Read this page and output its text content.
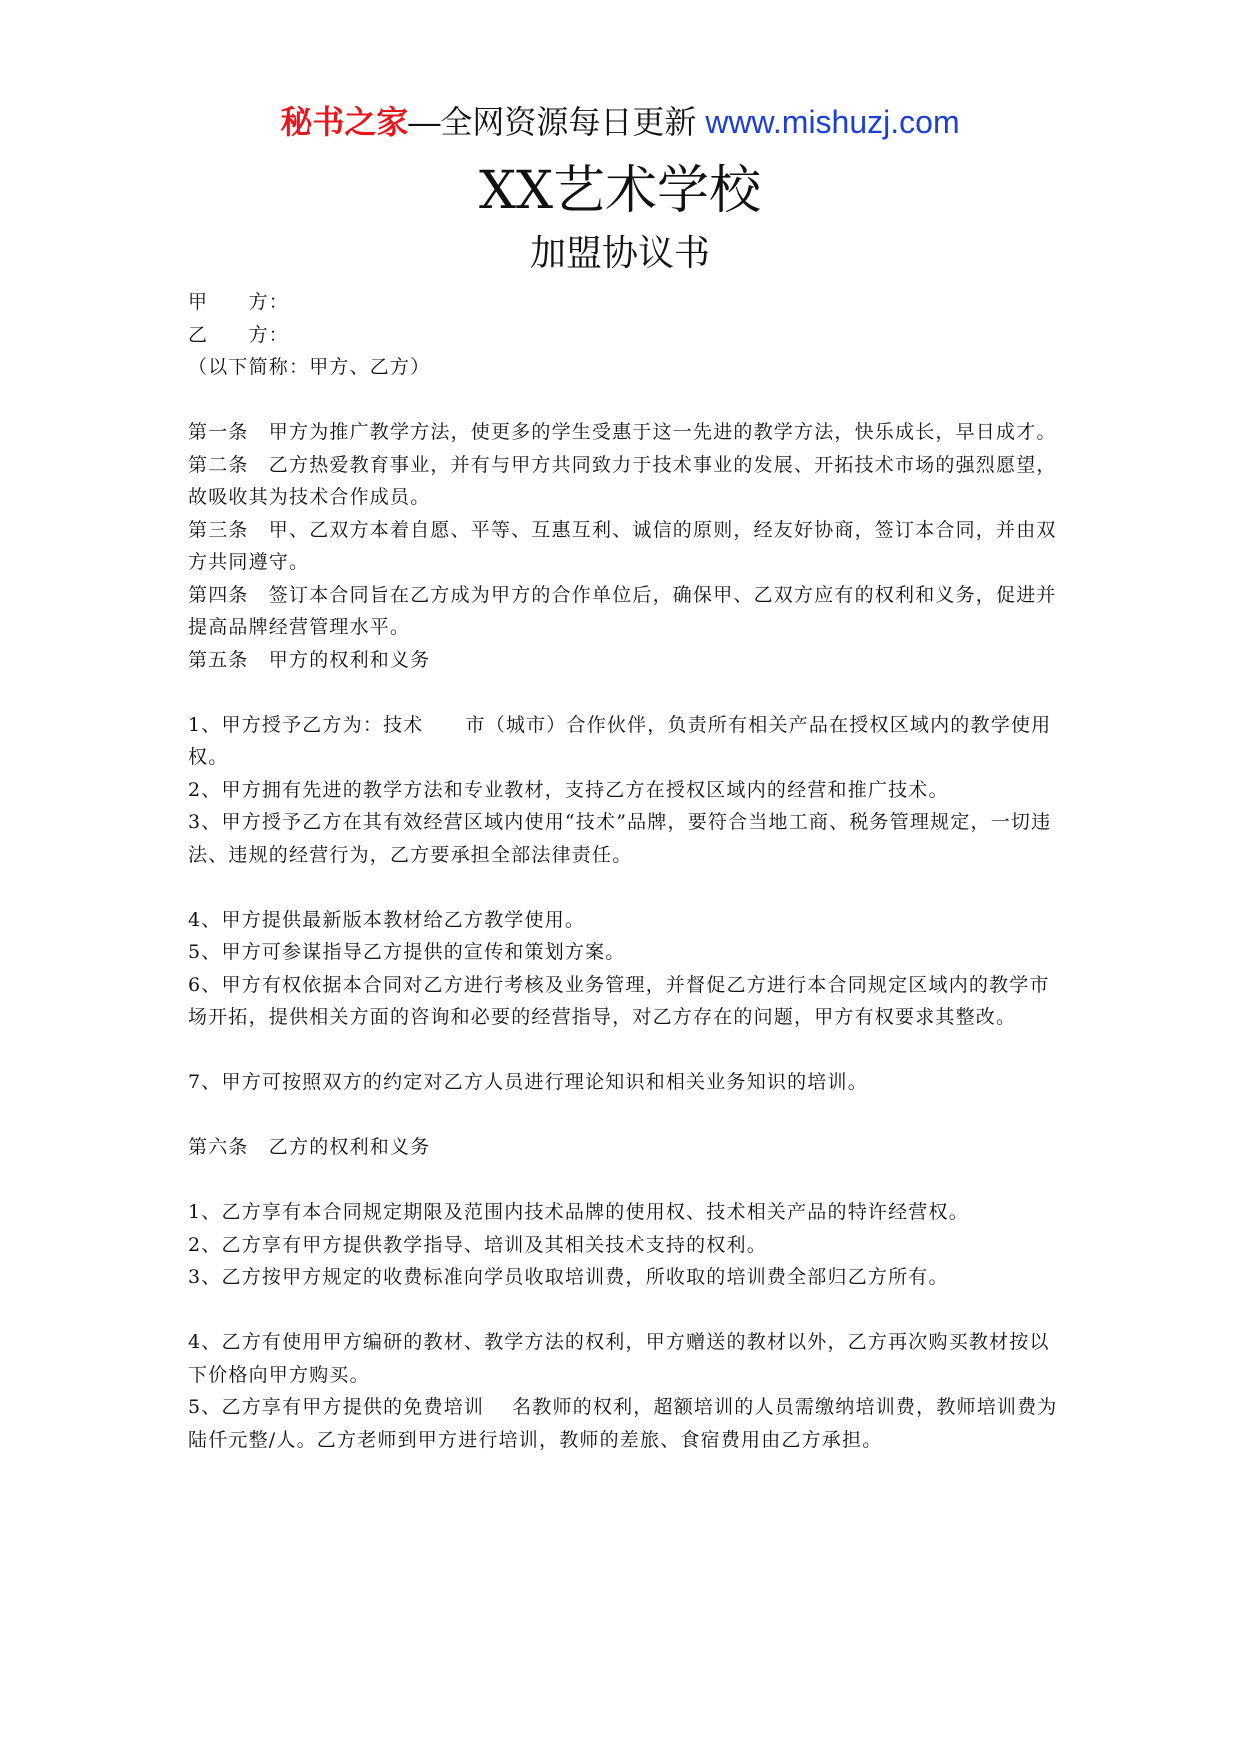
秘书之家—全网资源每日更新 www.mishuzj.com
XX艺术学校
加盟协议书

甲　　方：

乙　　方：

（以下简称：甲方、乙方）

第一条　甲方为推广教学方法，使更多的学生受惠于这一先进的教学方法，快乐成长，早日成才。

第二条　乙方热爱教育事业，并有与甲方共同致力于技术事业的发展、开拓技术市场的强烈愿望，故吸收其为技术合作成员。

第三条　甲、乙双方本着自愿、平等、互惠互利、诚信的原则，经友好协商，签订本合同，并由双方共同遵守。

第四条　签订本合同旨在乙方成为甲方的合作单位后，确保甲、乙双方应有的权利和义务，促进并提高品牌经营管理水平。

第五条　甲方的权利和义务

1、甲方授予乙方为：技术 市（城市）合作伙伴，负责所有相关产品在授权区域内的教学使用权。

2、甲方拥有先进的教学方法和专业教材，支持乙方在授权区域内的经营和推广技术。

3、甲方授予乙方在其有效经营区域内使用“技术”品牌，要符合当地工商、税务管理规定，一切违法、违规的经营行为，乙方要承担全部法律责任。

4、甲方提供最新版本教材给乙方教学使用。

5、甲方可参谋指导乙方提供的宣传和策划方案。

6、甲方有权依据本合同对乙方进行考核及业务管理，并督促乙方进行本合同规定区域内的教学市场开拓，提供相关方面的咨询和必要的经营指导，对乙方存在的问题，甲方有权要求其整改。

7、甲方可按照双方的约定对乙方人员进行理论知识和相关业务知识的培训。

第六条　乙方的权利和义务

1、乙方享有本合同规定期限及范围内技术品牌的使用权、技术相关产品的特许经营权。

2、乙方享有甲方提供教学指导、培训及其相关技术支持的权利。

3、乙方按甲方规定的收费标准向学员收取培训费，所收取的培训费全部归乙方所有。

4、乙方有使用甲方编研的教材、教学方法的权利，甲方赠送的教材以外，乙方再次购买教材按以下价格向甲方购买。

5、乙方享有甲方提供的免费培训 名教师的权利，超额培训的人员需缴纳培训费，教师培训费为陆仟元整/人。乙方老师到甲方进行培训，教师的差旅、食宿费用由乙方承担。
